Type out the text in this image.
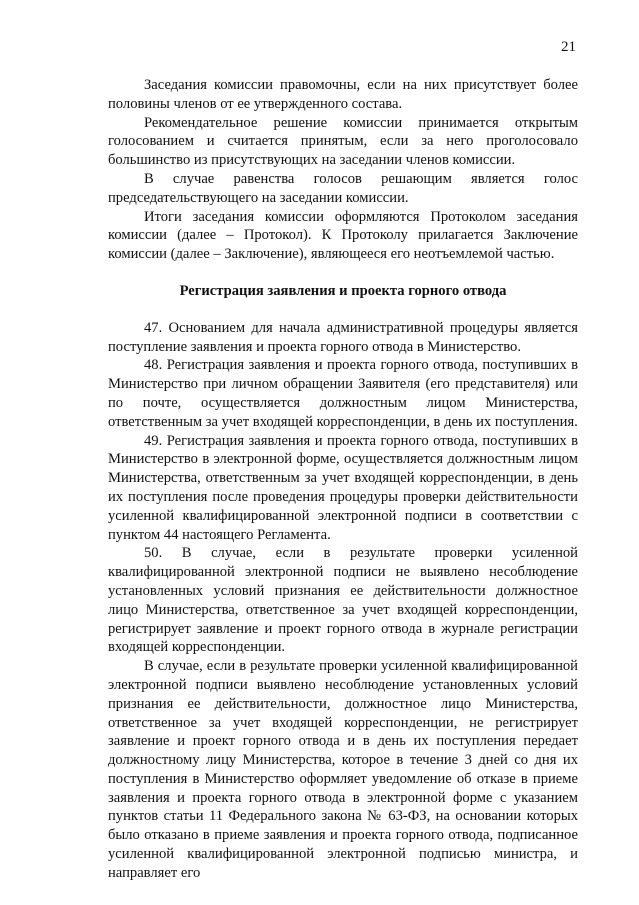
21

Заседания комиссии правомочны, если на них присутствует более половины членов от ее утвержденного состава.

Рекомендательное решение комиссии принимается открытым голосованием и считается принятым, если за него проголосовало большинство из присутствующих на заседании членов комиссии.

В случае равенства голосов решающим является голос председательствующего на заседании комиссии.

Итоги заседания комиссии оформляются Протоколом заседания комиссии (далее – Протокол). К Протоколу прилагается Заключение комиссии (далее – Заключение), являющееся его неотъемлемой частью.

Регистрация заявления и проекта горного отвода

47. Основанием для начала административной процедуры является поступление заявления и проекта горного отвода в Министерство.

48. Регистрация заявления и проекта горного отвода, поступивших в Министерство при личном обращении Заявителя (его представителя) или по почте, осуществляется должностным лицом Министерства, ответственным за учет входящей корреспонденции, в день их поступления.

49. Регистрация заявления и проекта горного отвода, поступивших в Министерство в электронной форме, осуществляется должностным лицом Министерства, ответственным за учет входящей корреспонденции, в день их поступления после проведения процедуры проверки действительности усиленной квалифицированной электронной подписи в соответствии с пунктом 44 настоящего Регламента.

50. В случае, если в результате проверки усиленной квалифицированной электронной подписи не выявлено несоблюдение установленных условий признания ее действительности должностное лицо Министерства, ответственное за учет входящей корреспонденции, регистрирует заявление и проект горного отвода в журнале регистрации входящей корреспонденции.

В случае, если в результате проверки усиленной квалифицированной электронной подписи выявлено несоблюдение установленных условий признания ее действительности, должностное лицо Министерства, ответственное за учет входящей корреспонденции, не регистрирует заявление и проект горного отвода и в день их поступления передает должностному лицу Министерства, которое в течение 3 дней со дня их поступления в Министерство оформляет уведомление об отказе в приеме заявления и проекта горного отвода в электронной форме с указанием пунктов статьи 11 Федерального закона № 63-ФЗ, на основании которых было отказано в приеме заявления и проекта горного отвода, подписанное усиленной квалифицированной электронной подписью министра, и направляет его
